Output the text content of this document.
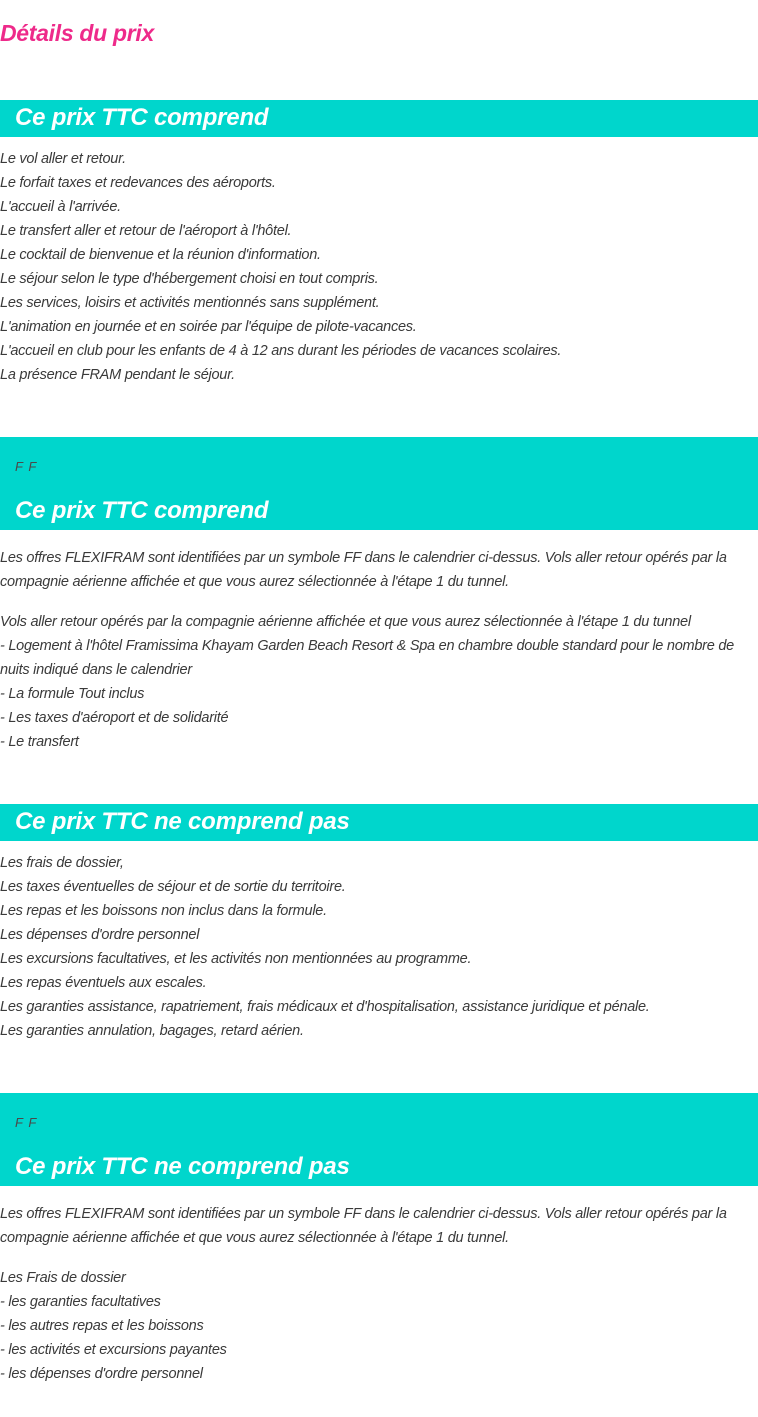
Détails du prix
Ce prix TTC comprend
Le vol aller et retour.
Le forfait taxes et redevances des aéroports.
L'accueil à l'arrivée.
Le transfert aller et retour de l'aéroport à l'hôtel.
Le cocktail de bienvenue et la réunion d'information.
Le séjour selon le type d'hébergement choisi en tout compris.
Les services, loisirs et activités mentionnés sans supplément.
L'animation en journée et en soirée par l'équipe de pilote-vacances.
L'accueil en club pour les enfants de 4 à 12 ans durant les périodes de vacances scolaires.
La présence FRAM pendant le séjour.
F F
Ce prix TTC comprend

Les offres FLEXIFRAM sont identifiées par un symbole FF dans le calendrier ci-dessus. Vols aller retour opérés par la compagnie aérienne affichée et que vous aurez sélectionnée à l'étape 1 du tunnel.

Vols aller retour opérés par la compagnie aérienne affichée et que vous aurez sélectionnée à l'étape 1 du tunnel
- Logement à l'hôtel Framissima Khayam Garden Beach Resort & Spa en chambre double standard pour le nombre de nuits indiqué dans le calendrier
- La formule Tout inclus
- Les taxes d'aéroport et de solidarité
- Le transfert
Ce prix TTC ne comprend pas
Les frais de dossier,
Les taxes éventuelles de séjour et de sortie du territoire.
Les repas et les boissons non inclus dans la formule.
Les dépenses d'ordre personnel
Les excursions facultatives, et les activités non mentionnées au programme.
Les repas éventuels aux escales.
Les garanties assistance, rapatriement, frais médicaux et d'hospitalisation, assistance juridique et pénale.
Les garanties annulation, bagages, retard aérien.
F F
Ce prix TTC ne comprend pas

Les offres FLEXIFRAM sont identifiées par un symbole FF dans le calendrier ci-dessus. Vols aller retour opérés par la compagnie aérienne affichée et que vous aurez sélectionnée à l'étape 1 du tunnel.

Les Frais de dossier
- les garanties facultatives
- les autres repas et les boissons
- les activités et excursions payantes
- les dépenses d'ordre personnel
